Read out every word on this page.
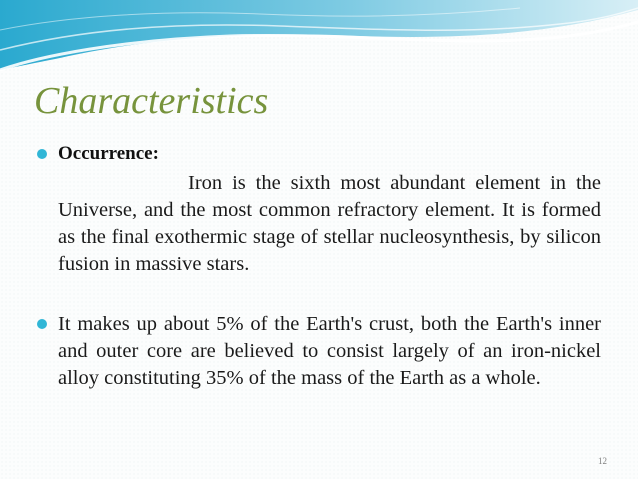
Characteristics
Occurrence:

Iron is the sixth most abundant element in the Universe, and the most common refractory element. It is formed as the final exothermic stage of stellar nucleosynthesis, by silicon fusion in massive stars.

It makes up about 5% of the Earth's crust, both the Earth's inner and outer core are believed to consist largely of an iron-nickel alloy constituting 35% of the mass of the Earth as a whole.

12
